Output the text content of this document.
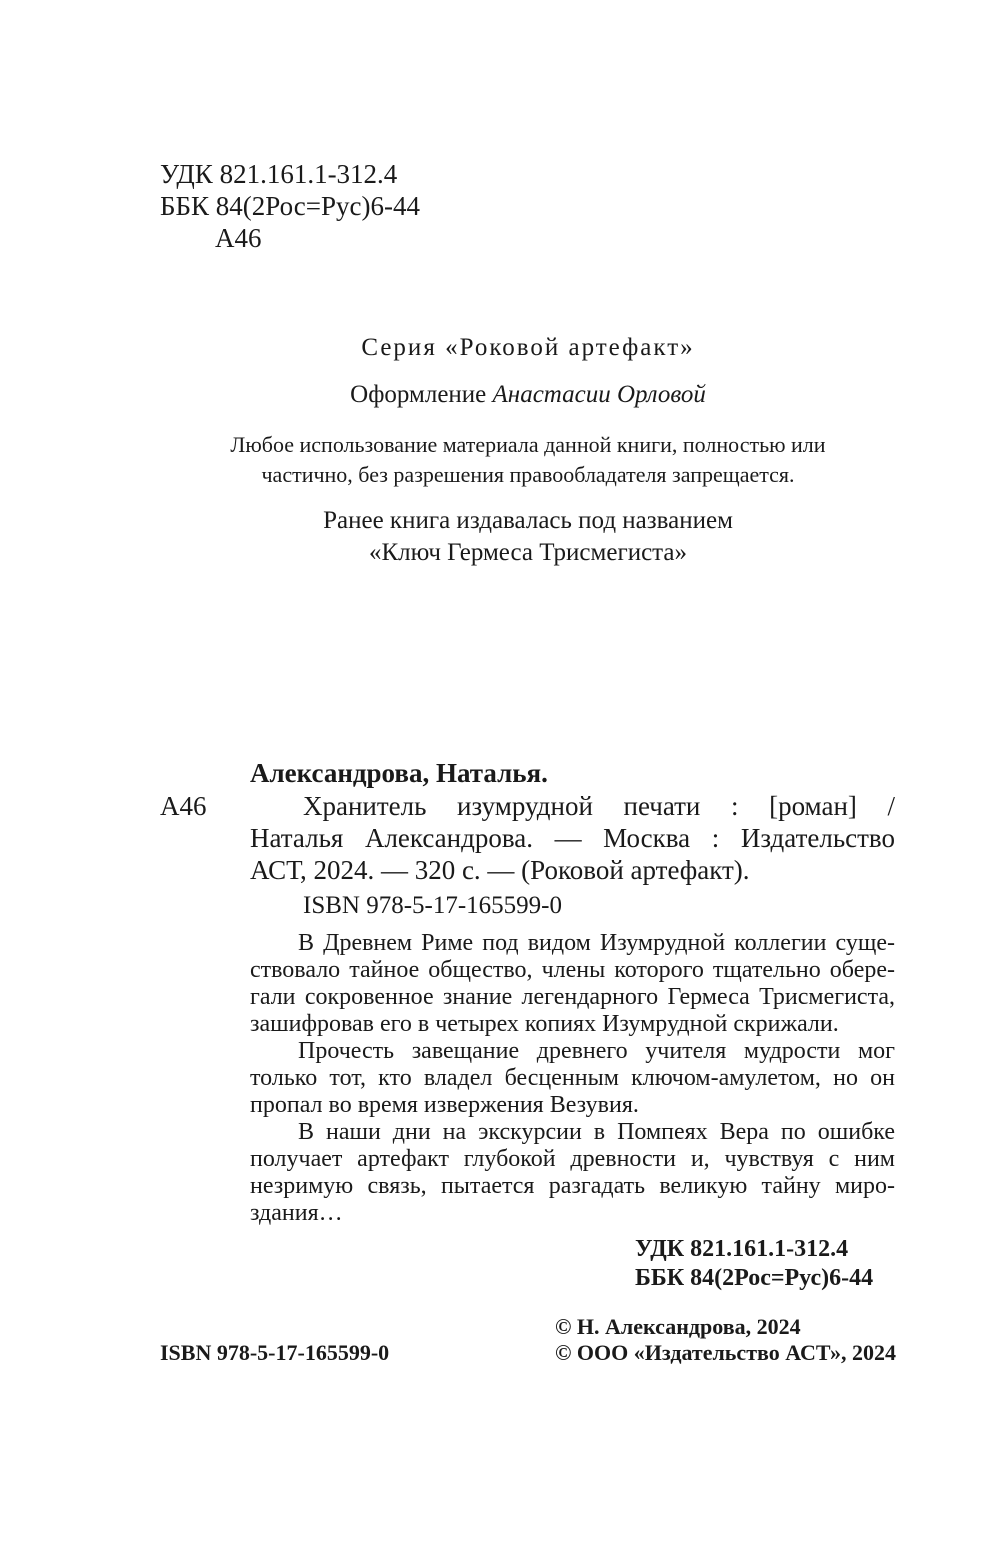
УДК 821.161.1-312.4
ББК 84(2Рос=Рус)6-44
А46
Серия «Роковой артефакт»
Оформление Анастасии Орловой
Любое использование материала данной книги, полностью или
частично, без разрешения правообладателя запрещается.
Ранее книга издавалась под названием
«Ключ Гермеса Трисмегиста»
Александрова, Наталья.
А46	Хранитель изумрудной печати : [роман] /
Наталья Александрова. — Москва : Издательство
АСТ, 2024. — 320 с. — (Роковой артефакт).
ISBN 978-5-17-165599-0
В Древнем Риме под видом Изумрудной коллегии суще-
ствовало тайное общество, члены которого тщательно обере-
гали сокровенное знание легендарного Гермеса Трисмегиста,
зашифровав его в четырех копиях Изумрудной скрижали.
Прочесть завещание древнего учителя мудрости мог
только тот, кто владел бесценным ключом-амулетом, но он
пропал во время извержения Везувия.
В наши дни на экскурсии в Помпеях Вера по ошибке
получает артефакт глубокой древности и, чувствуя с ним
незримую связь, пытается разгадать великую тайну миро-
здания…
УДК 821.161.1-312.4
ББК 84(2Рос=Рус)6-44
© Н. Александрова, 2024
ISBN 978-5-17-165599-0	© ООО «Издательство АСТ», 2024
